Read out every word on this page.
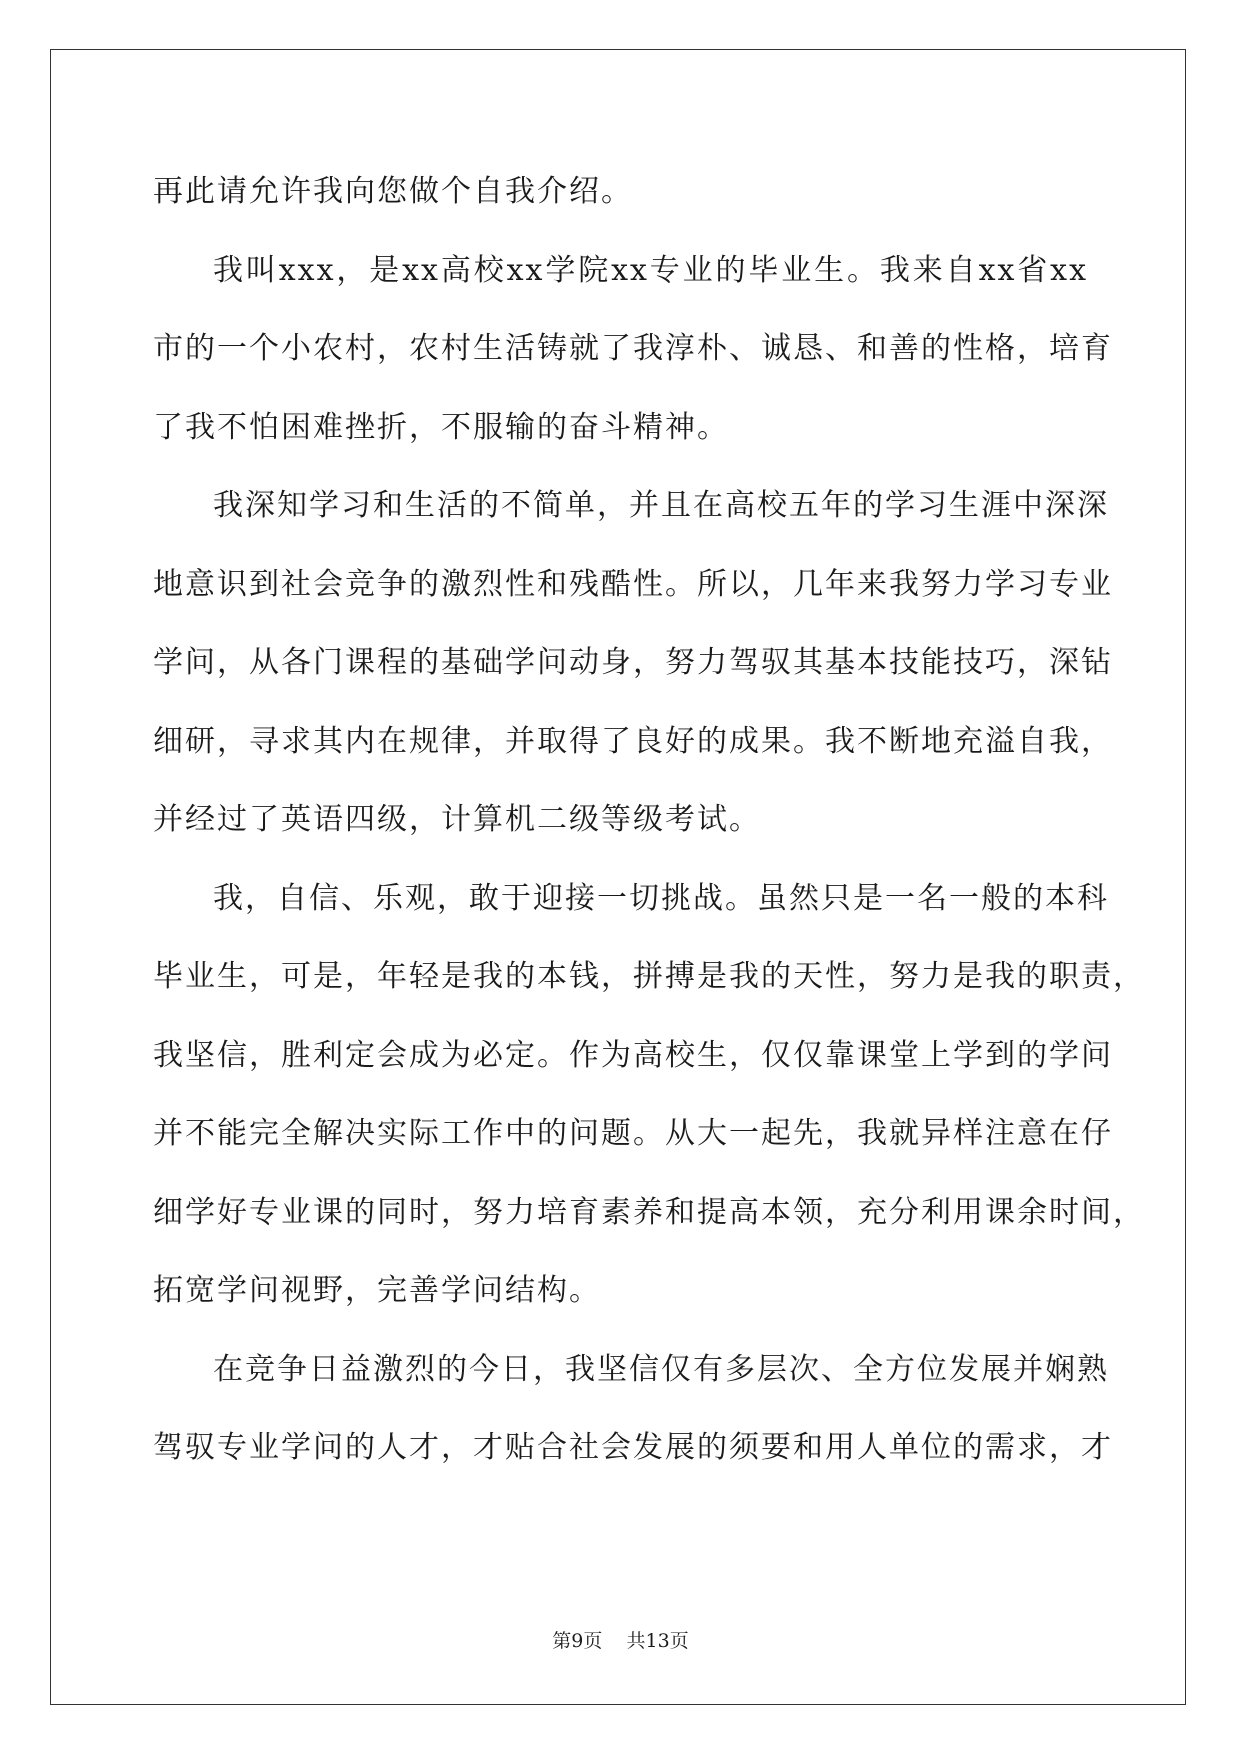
再此请允许我向您做个自我介绍。
我叫xxx，是xx高校xx学院xx专业的毕业生。我来自xx省xx
市的一个小农村，农村生活铸就了我淳朴、诚恳、和善的性格，培育
了我不怕困难挫折，不服输的奋斗精神。
我深知学习和生活的不简单，并且在高校五年的学习生涯中深深
地意识到社会竞争的激烈性和残酷性。所以，几年来我努力学习专业
学问，从各门课程的基础学问动身，努力驾驭其基本技能技巧，深钻
细研，寻求其内在规律，并取得了良好的成果。我不断地充溢自我，
并经过了英语四级，计算机二级等级考试。
我，自信、乐观，敢于迎接一切挑战。虽然只是一名一般的本科
毕业生，可是，年轻是我的本钱，拼搏是我的天性，努力是我的职责，
我坚信，胜利定会成为必定。作为高校生，仅仅靠课堂上学到的学问
并不能完全解决实际工作中的问题。从大一起先，我就异样注意在仔
细学好专业课的同时，努力培育素养和提高本领，充分利用课余时间，
拓宽学问视野，完善学问结构。
在竞争日益激烈的今日，我坚信仅有多层次、全方位发展并娴熟
驾驭专业学问的人才，才贴合社会发展的须要和用人单位的需求，才
第9页 共13页
